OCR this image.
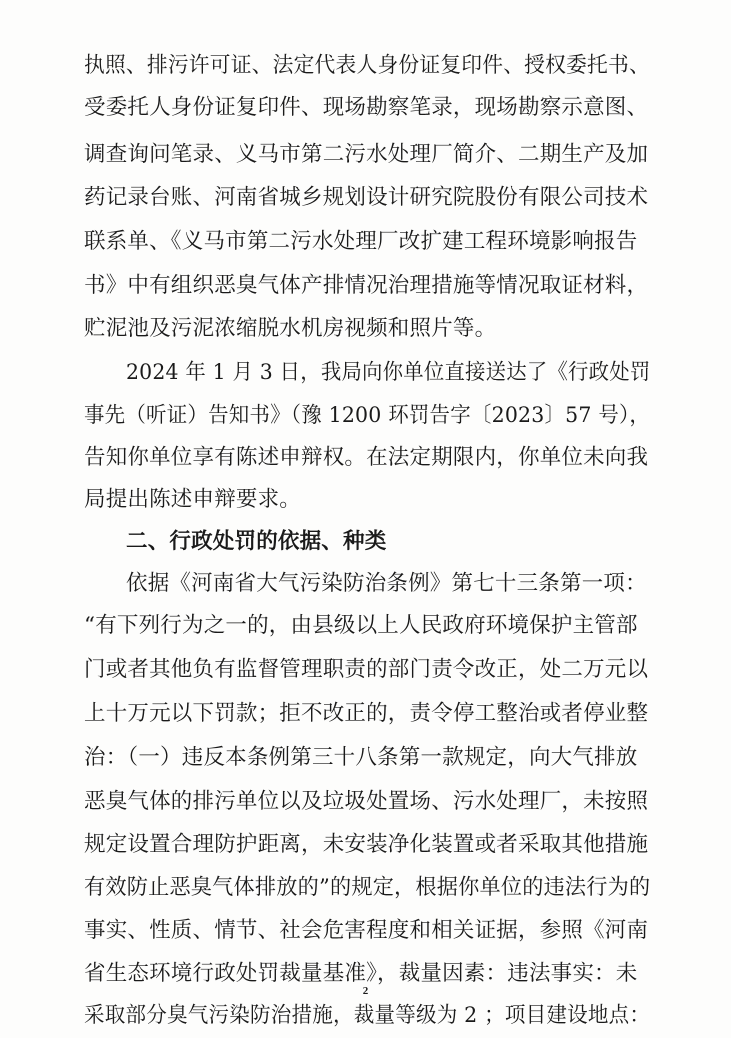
执照、排污许可证、法定代表人身份证复印件、授权委托书、
受委托人身份证复印件、现场勘察笔录，现场勘察示意图、
调查询问笔录、义马市第二污水处理厂简介、二期生产及加
药记录台账、河南省城乡规划设计研究院股份有限公司技术
联系单、《义马市第二污水处理厂改扩建工程环境影响报告
书》中有组织恶臭气体产排情况治理措施等情况取证材料，
贮泥池及污泥浓缩脱水机房视频和照片等。
2024 年 1 月 3 日，我局向你单位直接送达了《行政处罚
事先（听证）告知书》（豫 1200 环罚告字〔2023〕57 号），
告知你单位享有陈述申辩权。在法定期限内，你单位未向我
局提出陈述申辩要求。
二、行政处罚的依据、种类
依据《河南省大气污染防治条例》第七十三条第一项：
“有下列行为之一的，由县级以上人民政府环境保护主管部
门或者其他负有监督管理职责的部门责令改正，处二万元以
上十万元以下罚款；拒不改正的，责令停工整治或者停业整
治：（一）违反本条例第三十八条第一款规定，向大气排放
恶臭气体的排污单位以及垃圾处置场、污水处理厂，未按照
规定设置合理防护距离，未安装净化装置或者采取其他措施
有效防止恶臭气体排放的”的规定，根据你单位的违法行为的
事实、性质、情节、社会危害程度和相关证据，参照《河南
省生态环境行政处罚裁量基准》，裁量因素：违法事实：未
采取部分臭气污染防治措施，裁量等级为 2 ；项目建设地点：
2
